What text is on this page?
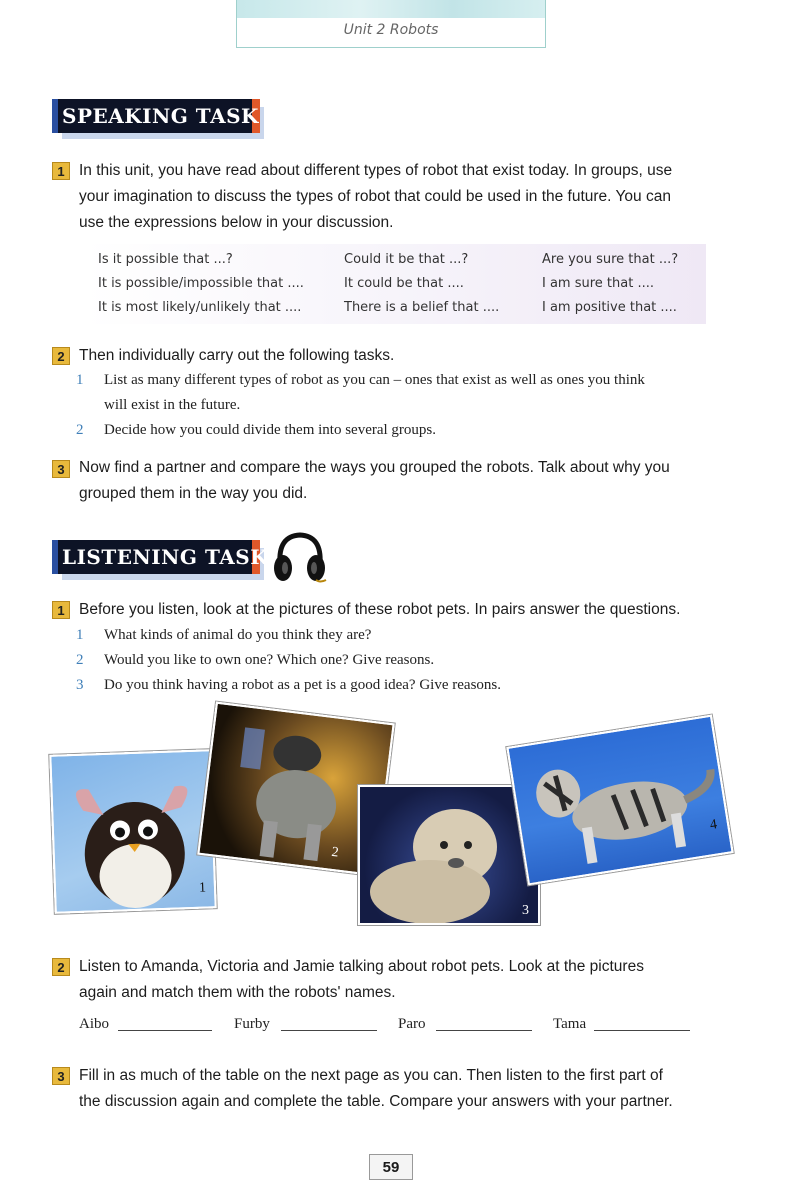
Unit 2 Robots
SPEAKING TASK
1 In this unit, you have read about different types of robot that exist today. In groups, use
your imagination to discuss the types of robot that could be used in the future. You can
use the expressions below in your discussion.
Is it possible that ...?	Could it be that ...?	Are you sure that ...?
It is possible/impossible that ....	It could be that ....	I am sure that ....
It is most likely/unlikely that ....	There is a belief that ....	I am positive that ....
2 Then individually carry out the following tasks.
1 List as many different types of robot as you can – ones that exist as well as ones you think
will exist in the future.
2 Decide how you could divide them into several groups.
3 Now find a partner and compare the ways you grouped the robots. Talk about why you
grouped them in the way you did.
LISTENING TASK
1 Before you listen, look at the pictures of these robot pets. In pairs answer the questions.
1 What kinds of animal do you think they are?
2 Would you like to own one? Which one? Give reasons.
3 Do you think having a robot as a pet is a good idea? Give reasons.
1
2
3
4
2 Listen to Amanda, Victoria and Jamie talking about robot pets. Look at the pictures
again and match them with the robots' names.
Aibo	Furby	Paro	Tama
3 Fill in as much of the table on the next page as you can. Then listen to the first part of
the discussion again and complete the table. Compare your answers with your partner.
59
